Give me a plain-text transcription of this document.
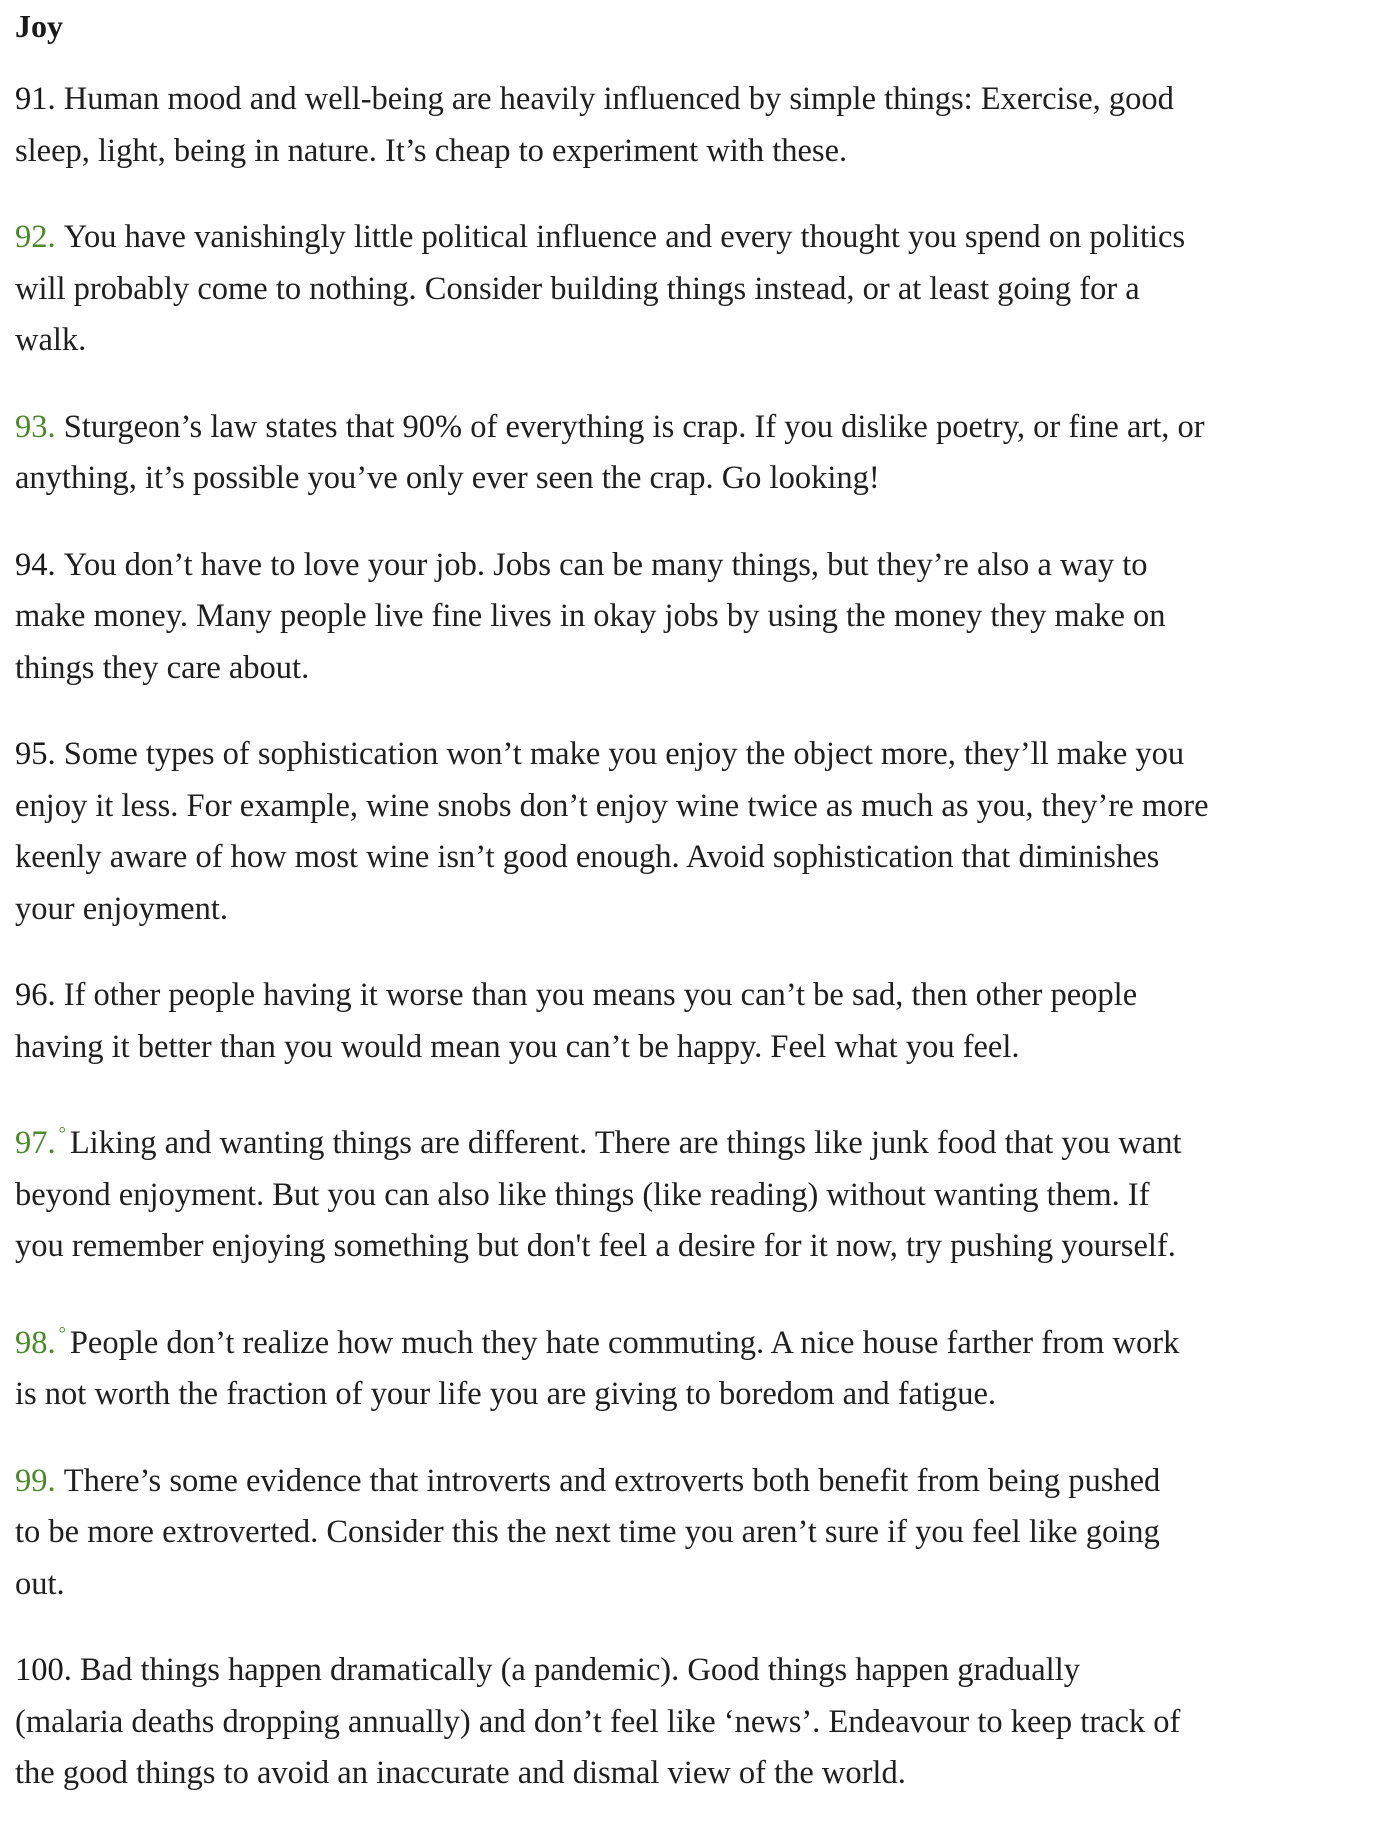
Joy

91. Human mood and well-being are heavily influenced by simple things: Exercise, good
sleep, light, being in nature. It’s cheap to experiment with these.

92. You have vanishingly little political influence and every thought you spend on politics
will probably come to nothing. Consider building things instead, or at least going for a
walk.

93. Sturgeon’s law states that 90% of everything is crap. If you dislike poetry, or fine art, or
anything, it’s possible you’ve only ever seen the crap. Go looking!

94. You don’t have to love your job. Jobs can be many things, but they’re also a way to
make money. Many people live fine lives in okay jobs by using the money they make on
things they care about.

95. Some types of sophistication won’t make you enjoy the object more, they’ll make you
enjoy it less. For example, wine snobs don’t enjoy wine twice as much as you, they’re more
keenly aware of how most wine isn’t good enough. Avoid sophistication that diminishes
your enjoyment.

96. If other people having it worse than you means you can’t be sad, then other people
having it better than you would mean you can’t be happy. Feel what you feel.

97. ° Liking and wanting things are different. There are things like junk food that you want
beyond enjoyment. But you can also like things (like reading) without wanting them. If
you remember enjoying something but don't feel a desire for it now, try pushing yourself.

98. ° People don’t realize how much they hate commuting. A nice house farther from work
is not worth the fraction of your life you are giving to boredom and fatigue.

99. There’s some evidence that introverts and extroverts both benefit from being pushed
to be more extroverted. Consider this the next time you aren’t sure if you feel like going
out.

100. Bad things happen dramatically (a pandemic). Good things happen gradually
(malaria deaths dropping annually) and don’t feel like ‘news’. Endeavour to keep track of
the good things to avoid an inaccurate and dismal view of the world.
